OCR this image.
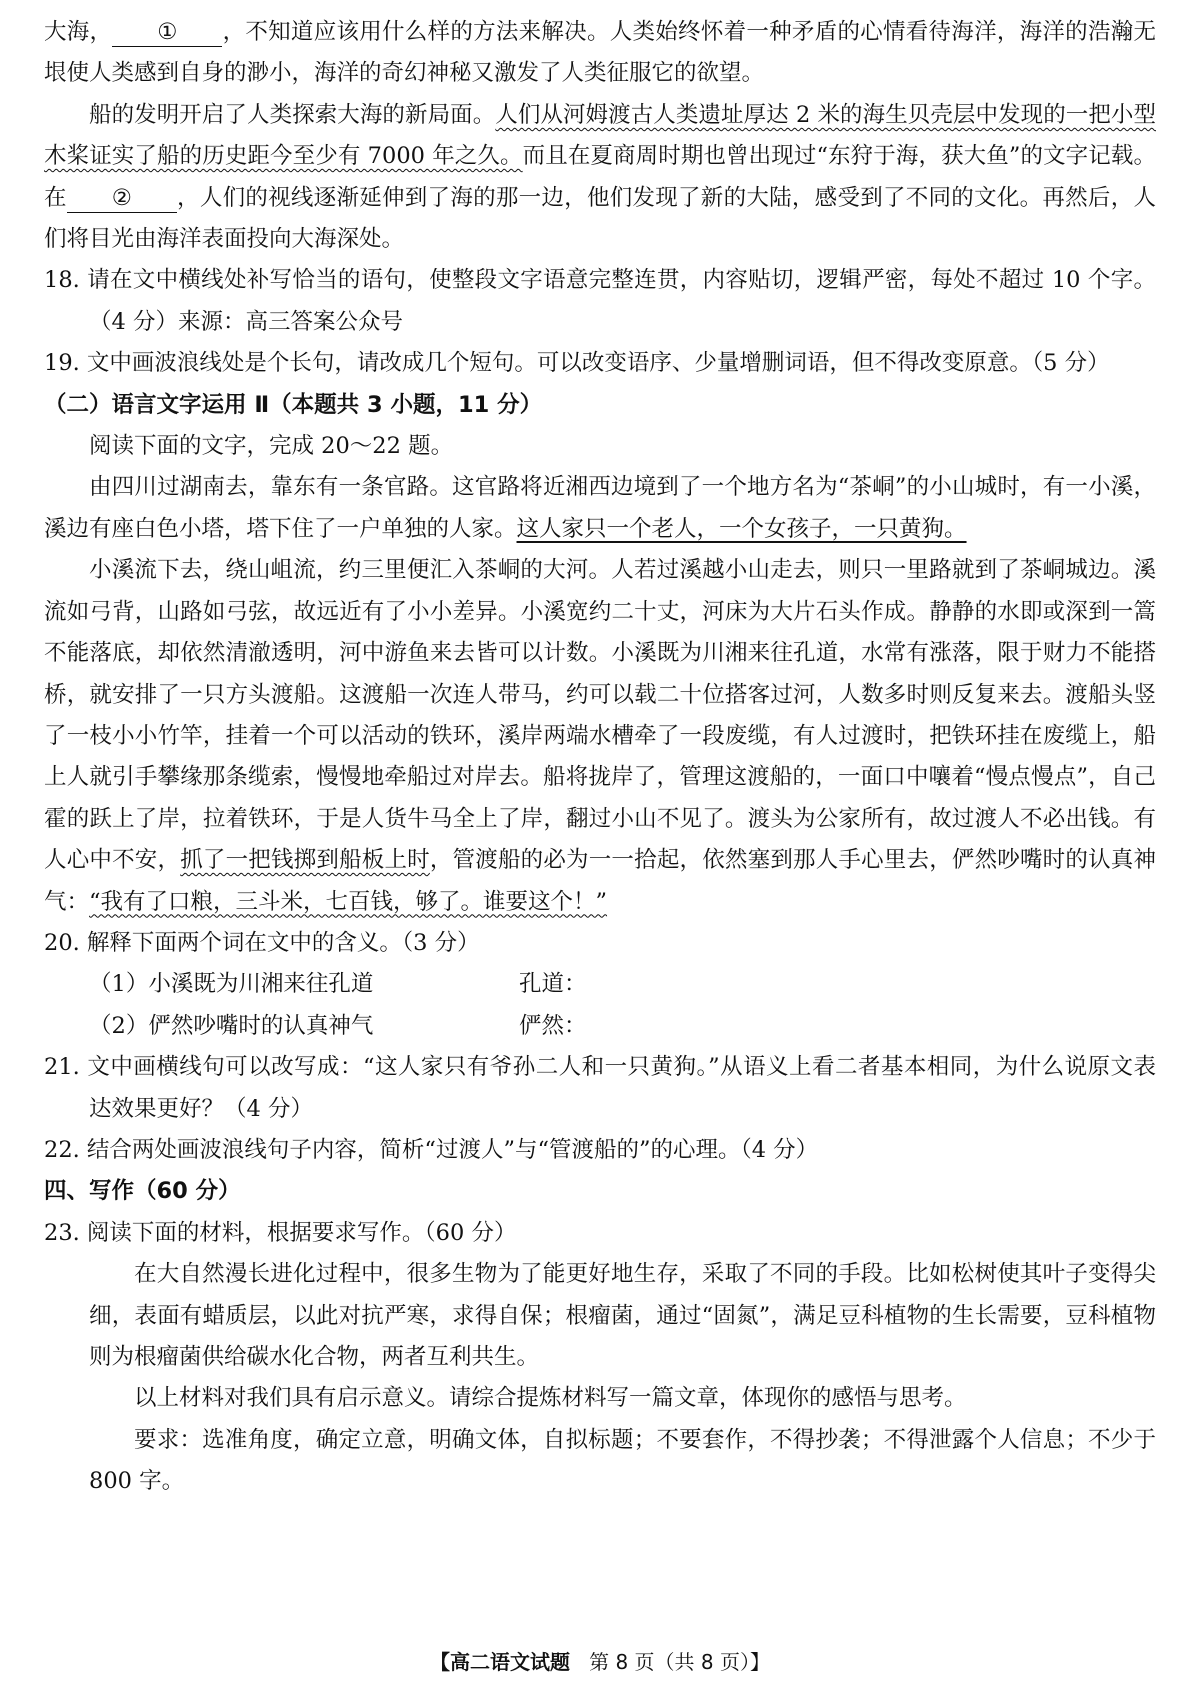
大海， ① ，不知道应该用什么样的方法来解决。人类始终怀着一种矛盾的心情看待海洋，海洋的浩瀚无垠使人类感到自身的渺小，海洋的奇幻神秘又激发了人类征服它的欲望。

船的发明开启了人类探索大海的新局面。人们从河姆渡古人类遗址厚达 2 米的海生贝壳层中发现的一把小型木桨证实了船的历史距今至少有 7000 年之久。而且在夏商周时期也曾出现过“东狩于海，获大鱼”的文字记载。在 ② ，人们的视线逐渐延伸到了海的那一边，他们发现了新的大陆，感受到了不同的文化。再然后，人们将目光由海洋表面投向大海深处。

18. 请在文中横线处补写恰当的语句，使整段文字语意完整连贯，内容贴切，逻辑严密，每处不超过 10 个字。（4 分）来源：高三答案公众号

19. 文中画波浪线处是个长句，请改成几个短句。可以改变语序、少量增删词语，但不得改变原意。（5 分）

（二）语言文字运用 Ⅱ（本题共 3 小题，11 分）

阅读下面的文字，完成 20～22 题。

由四川过湖南去，靠东有一条官路。这官路将近湘西边境到了一个地方名为“茶峒”的小山城时，有一小溪，溪边有座白色小塔，塔下住了一户单独的人家。这人家只一个老人，一个女孩子，一只黄狗。

小溪流下去，绕山岨流，约三里便汇入茶峒的大河。人若过溪越小山走去，则只一里路就到了茶峒城边。溪流如弓背，山路如弓弦，故远近有了小小差异。小溪宽约二十丈，河床为大片石头作成。静静的水即或深到一篙不能落底，却依然清澈透明，河中游鱼来去皆可以计数。小溪既为川湘来往孔道，水常有涨落，限于财力不能搭桥，就安排了一只方头渡船。这渡船一次连人带马，约可以载二十位搭客过河，人数多时则反复来去。渡船头竖了一枝小小竹竿，挂着一个可以活动的铁环，溪岸两端水槽牵了一段废缆，有人过渡时，把铁环挂在废缆上，船上人就引手攀缘那条缆索，慢慢地牵船过对岸去。船将拢岸了，管理这渡船的，一面口中嚷着“慢点慢点”，自己霍的跃上了岸，拉着铁环，于是人货牛马全上了岸，翻过小山不见了。渡头为公家所有，故过渡人不必出钱。有人心中不安，抓了一把钱掷到船板上时，管渡船的必为一一拾起，依然塞到那人手心里去，俨然吵嘴时的认真神气：“我有了口粮，三斗米，七百钱，够了。谁要这个！”

20. 解释下面两个词在文中的含义。（3 分）

（1）小溪既为川湘来往孔道	孔道：

（2）俨然吵嘴时的认真神气	俨然：

21. 文中画横线句可以改写成：“这人家只有爷孙二人和一只黄狗。”从语义上看二者基本相同，为什么说原文表达效果更好？（4 分）

22. 结合两处画波浪线句子内容，简析“过渡人”与“管渡船的”的心理。（4 分）

四、写作（60 分）

23. 阅读下面的材料，根据要求写作。（60 分）

在大自然漫长进化过程中，很多生物为了能更好地生存，采取了不同的手段。比如松树使其叶子变得尖细，表面有蜡质层，以此对抗严寒，求得自保；根瘤菌，通过“固氮”，满足豆科植物的生长需要，豆科植物则为根瘤菌供给碳水化合物，两者互利共生。

以上材料对我们具有启示意义。请综合提炼材料写一篇文章，体现你的感悟与思考。

要求：选准角度，确定立意，明确文体，自拟标题；不要套作，不得抄袭；不得泄露个人信息；不少于 800 字。

【高二语文试题 第 8 页（共 8 页）】
